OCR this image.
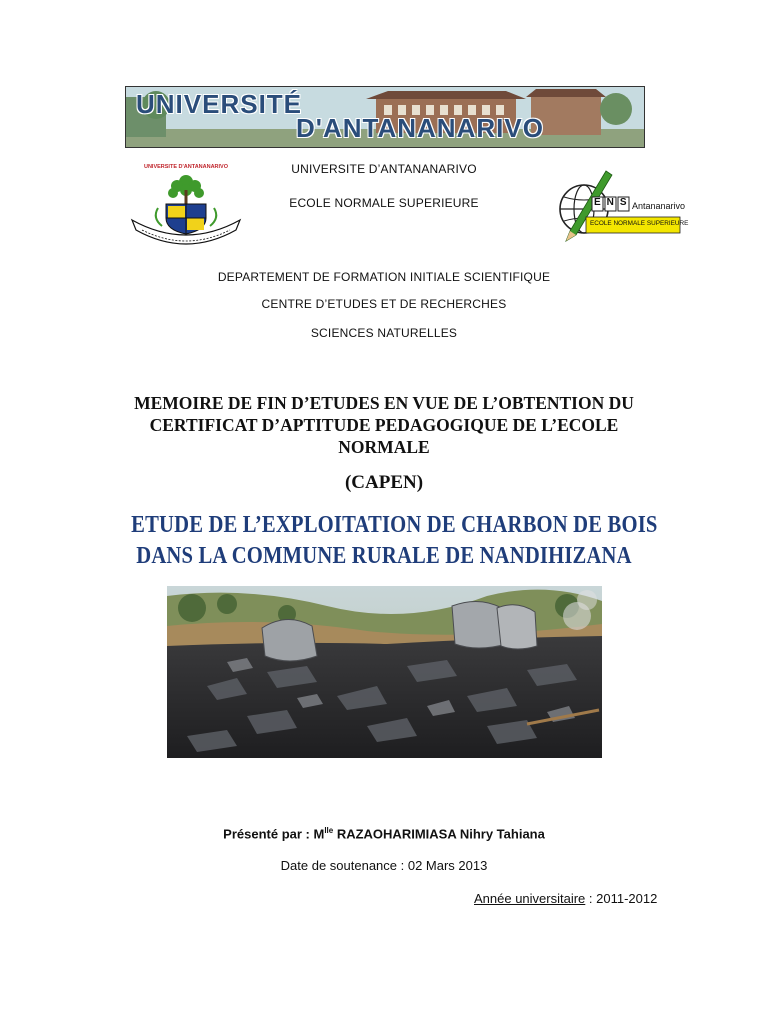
UNIVERSITÉ
D'ANTANANARIVO
UNIVERSITE D'ANTANANARIVO
ENS Antananarivo
ECOLE NORMALE SUPERIEURE
UNIVERSITE D’ANTANANARIVO
ECOLE NORMALE SUPERIEURE
DEPARTEMENT DE FORMATION INITIALE SCIENTIFIQUE
CENTRE D’ETUDES ET DE RECHERCHES
SCIENCES NATURELLES
MEMOIRE DE FIN D’ETUDES EN VUE DE L’OBTENTION DU
CERTIFICAT D’APTITUDE PEDAGOGIQUE DE L’ECOLE
NORMALE
(CAPEN)
ETUDE DE L’EXPLOITATION DE CHARBON DE BOIS
DANS LA COMMUNE RURALE DE NANDIHIZANA
Présenté par : $M^{lle}$ RAZAOHARIMIASA Nihry Tahiana
Date de soutenance : 02 Mars 2013
Année universitaire : 2011-2012
